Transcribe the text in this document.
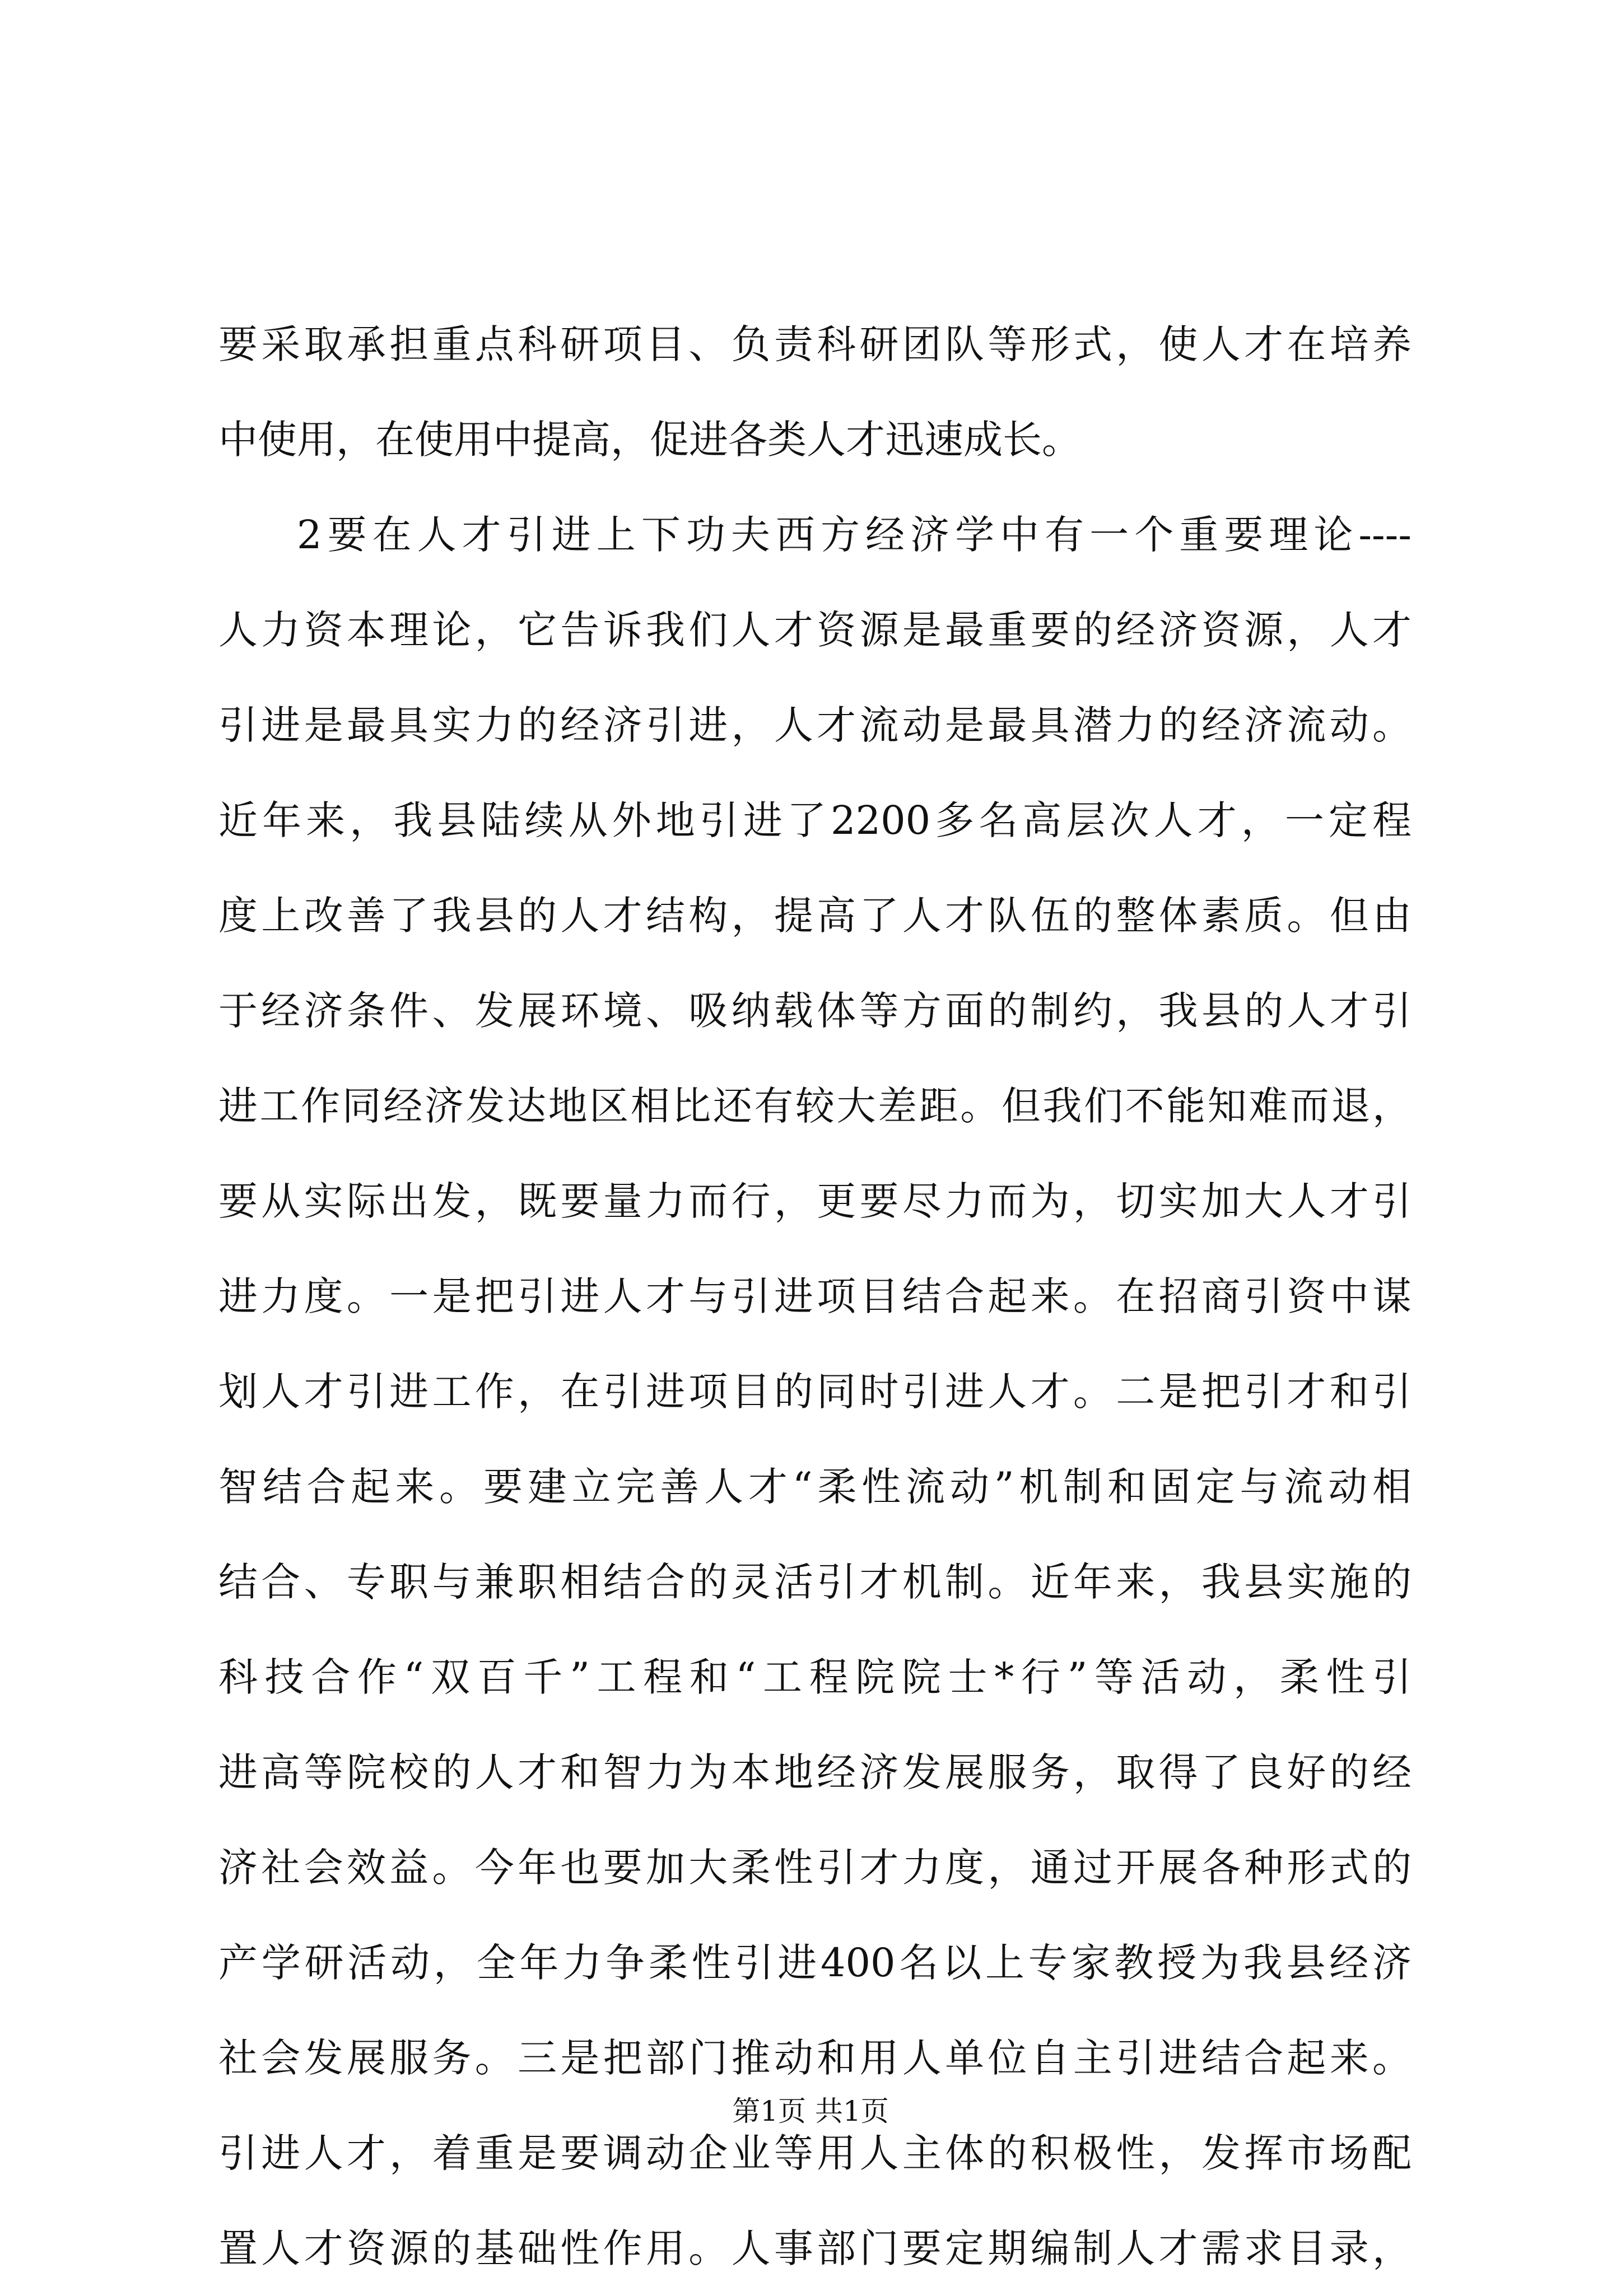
要采取承担重点科研项目、负责科研团队等形式，使人才在培养
中使用，在使用中提高，促进各类人才迅速成长。
2要在人才引进上下功夫西方经济学中有一个重要理论----
人力资本理论，它告诉我们人才资源是最重要的经济资源，人才
引进是最具实力的经济引进，人才流动是最具潜力的经济流动。
近年来，我县陆续从外地引进了2200多名高层次人才，一定程
度上改善了我县的人才结构，提高了人才队伍的整体素质。但由
于经济条件、发展环境、吸纳载体等方面的制约，我县的人才引
进工作同经济发达地区相比还有较大差距。但我们不能知难而退，
要从实际出发，既要量力而行，更要尽力而为，切实加大人才引
进力度。一是把引进人才与引进项目结合起来。在招商引资中谋
划人才引进工作，在引进项目的同时引进人才。二是把引才和引
智结合起来。要建立完善人才“柔性流动”机制和固定与流动相
结合、专职与兼职相结合的灵活引才机制。近年来，我县实施的
科技合作“双百千”工程和“工程院院士*行”等活动，柔性引
进高等院校的人才和智力为本地经济发展服务，取得了良好的经
济社会效益。今年也要加大柔性引才力度，通过开展各种形式的
产学研活动，全年力争柔性引进400名以上专家教授为我县经济
社会发展服务。三是把部门推动和用人单位自主引进结合起来。
引进人才，着重是要调动企业等用人主体的积极性，发挥市场配
置人才资源的基础性作用。人事部门要定期编制人才需求目录，
第1页 共1页
